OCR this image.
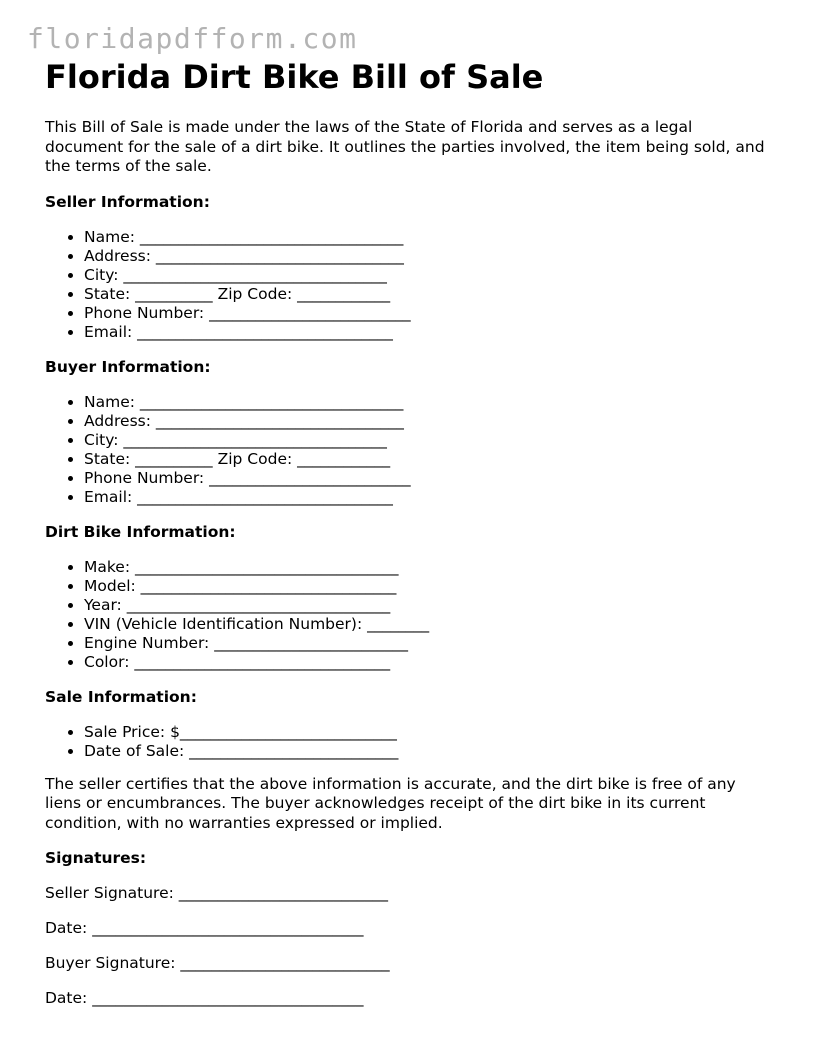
floridapdfform.com
Florida Dirt Bike Bill of Sale

This Bill of Sale is made under the laws of the State of Florida and serves as a legal document for the sale of a dirt bike. It outlines the parties involved, the item being sold, and the terms of the sale.

Seller Information:
• Name: __________________________________
• Address: ________________________________
• City: __________________________________
• State: __________ Zip Code: ____________
• Phone Number: __________________________
• Email: _________________________________
Buyer Information:
• Name: __________________________________
• Address: ________________________________
• City: __________________________________
• State: __________ Zip Code: ____________
• Phone Number: __________________________
• Email: _________________________________
Dirt Bike Information:
• Make: __________________________________
• Model: _________________________________
• Year: __________________________________
• VIN (Vehicle Identification Number): ________
• Engine Number: _________________________
• Color: _________________________________
Sale Information:
• Sale Price: $____________________________
• Date of Sale: ___________________________

The seller certifies that the above information is accurate, and the dirt bike is free of any liens or encumbrances. The buyer acknowledges receipt of the dirt bike in its current condition, with no warranties expressed or implied.

Signatures:

Seller Signature: ___________________________

Date: ___________________________________

Buyer Signature: ___________________________

Date: ___________________________________
